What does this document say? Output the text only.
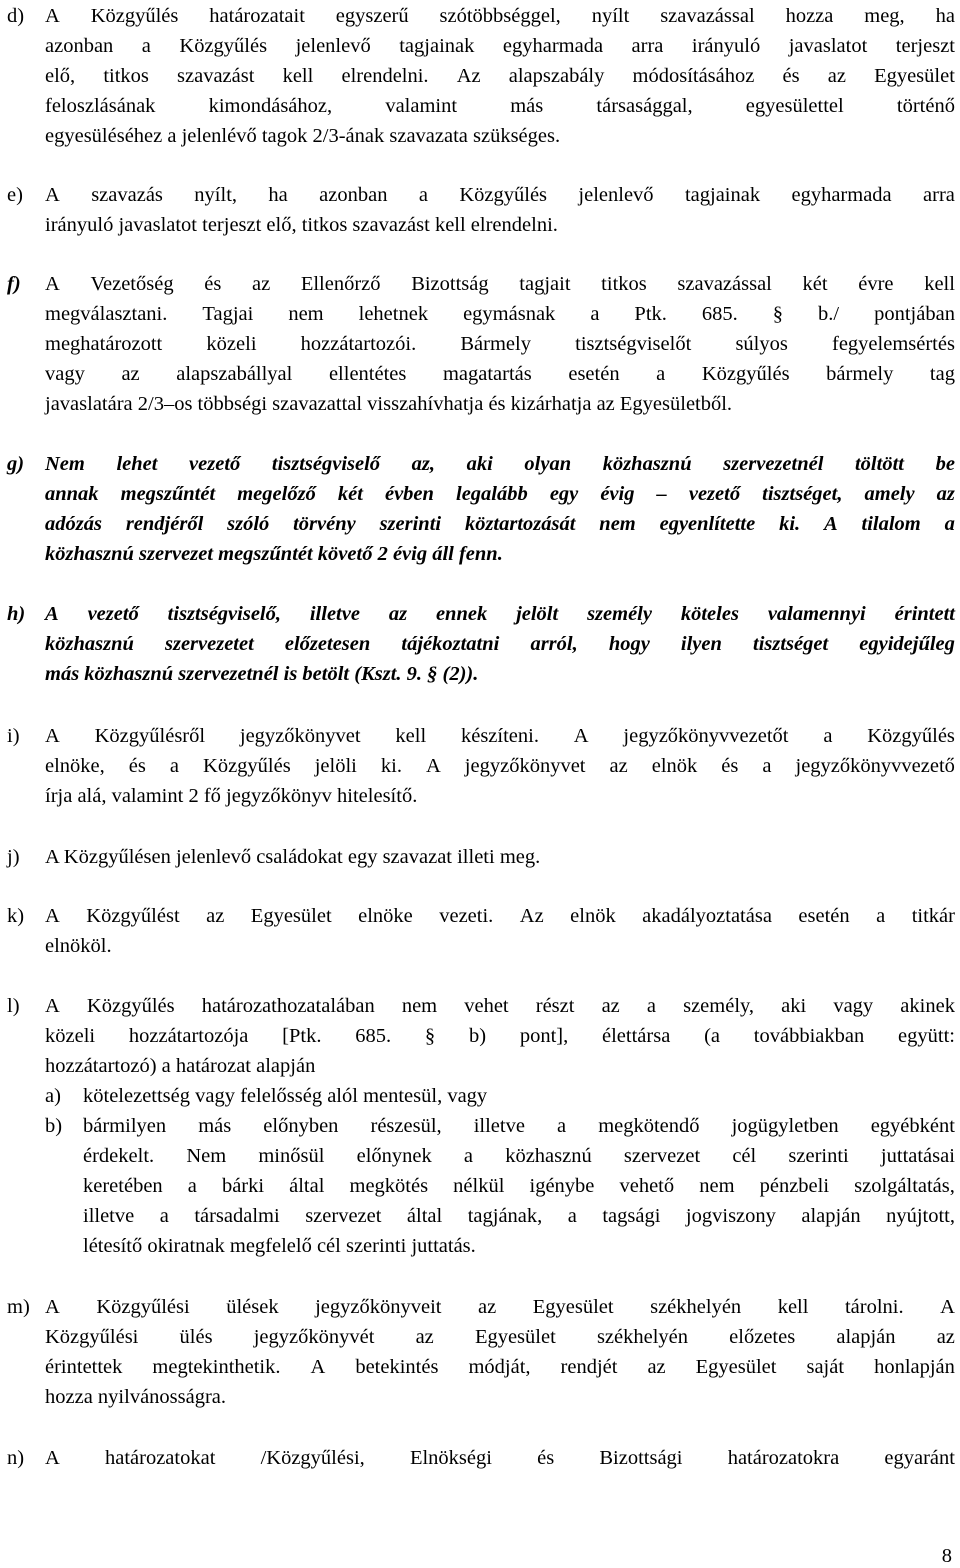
d) A Közgyűlés határozatait egyszerű szótöbbséggel, nyílt szavazással hozza meg, ha
azonban a Közgyűlés jelenlevő tagjainak egyharmada arra irányuló javaslatot terjeszt
elő, titkos szavazást kell elrendelni. Az alapszabály módosításához és az Egyesület
feloszlásának	kimondásához,	valamint	más	társasággal,	egyesülettel	történő
egyesüléséhez a jelenlévő tagok 2/3-ának szavazata szükséges.
e) A szavazás nyílt, ha azonban a Közgyűlés jelenlevő tagjainak egyharmada arra
irányuló javaslatot terjeszt elő, titkos szavazást kell elrendelni.
f) A Vezetőség és az Ellenőrző Bizottság tagjait titkos szavazással két évre kell
megválasztani. Tagjai nem lehetnek egymásnak a Ptk. 685. § b./ pontjában
meghatározott közeli hozzátartozói. Bármely tisztségviselőt súlyos fegyelemsértés
vagy az alapszabállyal ellentétes magatartás esetén a Közgyűlés bármely tag
javaslatára 2/3–os többségi szavazattal visszahívhatja és kizárhatja az Egyesületből.
g) Nem lehet vezető tisztségviselő az, aki olyan közhasznú szervezetnél töltött be
annak megszűntét megelőző két évben legalább egy évig – vezető tisztséget, amely az
adózás rendjéről szóló törvény szerinti köztartozását nem egyenlítette ki. A tilalom a
közhasznú szervezet megszűntét követő 2 évig áll fenn.
h) A vezető tisztségviselő, illetve az ennek jelölt személy köteles valamennyi érintett
közhasznú szervezetet előzetesen tájékoztatni arról, hogy ilyen tisztséget egyidejűleg
más közhasznú szervezetnél is betölt (Kszt. 9. § (2)).
i) A Közgyűlésről jegyzőkönyvet kell készíteni. A jegyzőkönyvvezetőt a Közgyűlés
elnöke, és a Közgyűlés jelöli ki. A jegyzőkönyvet az elnök és a jegyzőkönyvvezető
írja alá, valamint 2 fő jegyzőkönyv hitelesítő.
j) A Közgyűlésen jelenlevő családokat egy szavazat illeti meg.
k) A Közgyűlést az Egyesület elnöke vezeti. Az elnök akadályoztatása esetén a titkár
elnököl.
l) A Közgyűlés határozathozatalában nem vehet részt az a személy, aki vagy akinek
közeli hozzátartozója [Ptk. 685. § b) pont], élettársa (a továbbiakban együtt:
hozzátartozó) a határozat alapján
a) kötelezettség vagy felelősség alól mentesül, vagy
b) bármilyen más előnyben részesül, illetve a megkötendő jogügyletben egyébként
érdekelt. Nem minősül előnynek a közhasznú szervezet cél szerinti juttatásai
keretében a bárki által megkötés nélkül igénybe vehető nem pénzbeli szolgáltatás,
illetve a társadalmi szervezet által tagjának, a tagsági jogviszony alapján nyújtott,
létesítő okiratnak megfelelő cél szerinti juttatás.
m) A Közgyűlési ülések jegyzőkönyveit az Egyesület székhelyén kell tárolni. A
Közgyűlési ülés jegyzőkönyvét az Egyesület székhelyén előzetes alapján az
érintettek megtekinthetik. A betekintés módját, rendjét az Egyesület saját honlapján
hozza nyilvánosságra.
n) A határozatokat /Közgyűlési, Elnökségi és Bizottsági határozatokra egyaránt
8
